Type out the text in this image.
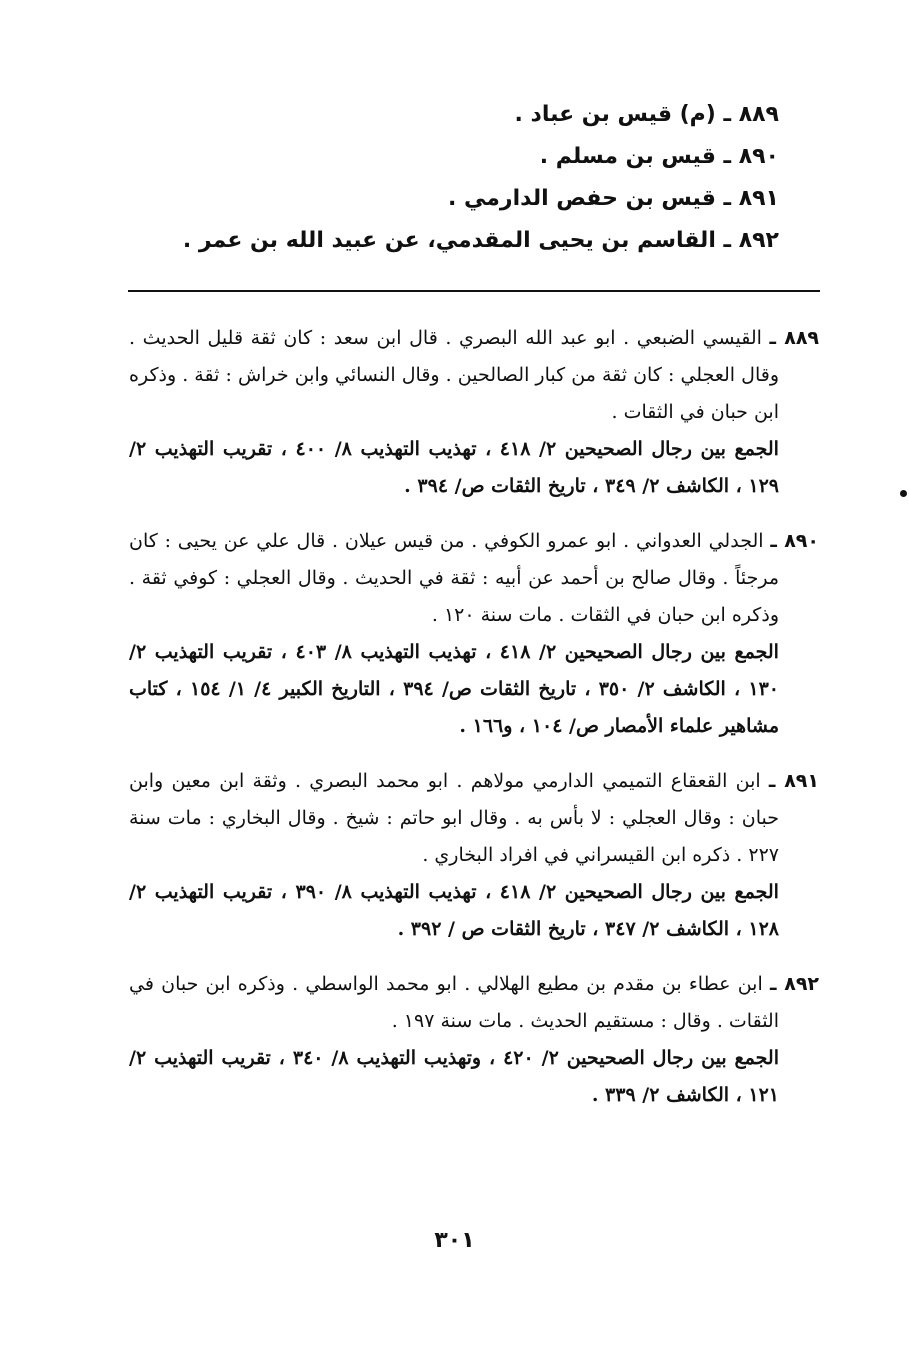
٨٨٩ ـ (م) قيس بن عباد .
٨٩٠ ـ قيس بن مسلم .
٨٩١ ـ قيس بن حفص الدارمي .
٨٩٢ ـ القاسم بن يحيى المقدمي، عن عبيد الله بن عمر .

٨٨٩ ـ القيسي الضبعي . ابو عبد الله البصري . قال ابن سعد : كان ثقة قليل الحديث . وقال العجلي : كان ثقة من كبار الصالحين . وقال النسائي وابن خراش : ثقة . وذكره ابن حبان في الثقات .

الجمع بين رجال الصحيحين ٢/ ٤١٨ ، تهذيب التهذيب ٨/ ٤٠٠ ، تقريب التهذيب ٢/ ١٢٩ ، الكاشف ٢/ ٣٤٩ ، تاريخ الثقات ص/ ٣٩٤ .

٨٩٠ ـ الجدلي العدواني . ابو عمرو الكوفي . من قيس عيلان . قال علي عن يحيى : كان مرجئاً . وقال صالح بن أحمد عن أبيه : ثقة في الحديث . وقال العجلي : كوفي ثقة . وذكره ابن حبان في الثقات . مات سنة ١٢٠ .

الجمع بين رجال الصحيحين ٢/ ٤١٨ ، تهذيب التهذيب ٨/ ٤٠٣ ، تقريب التهذيب ٢/ ١٣٠ ، الكاشف ٢/ ٣٥٠ ، تاريخ الثقات ص/ ٣٩٤ ، التاريخ الكبير ٤/ ١/ ١٥٤ ، كتاب مشاهير علماء الأمصار ص/ ١٠٤ ، و١٦٦ .

٨٩١ ـ ابن القعقاع التميمي الدارمي مولاهم . ابو محمد البصري . وثقة ابن معين وابن حبان : وقال العجلي : لا بأس به . وقال ابو حاتم : شيخ . وقال البخاري : مات سنة ٢٢٧ . ذكره ابن القيسراني في افراد البخاري .

الجمع بين رجال الصحيحين ٢/ ٤١٨ ، تهذيب التهذيب ٨/ ٣٩٠ ، تقريب التهذيب ٢/ ١٢٨ ، الكاشف ٢/ ٣٤٧ ، تاريخ الثقات ص / ٣٩٢ .

٨٩٢ ـ ابن عطاء بن مقدم بن مطيع الهلالي . ابو محمد الواسطي . وذكره ابن حبان في الثقات . وقال : مستقيم الحديث . مات سنة ١٩٧ .

الجمع بين رجال الصحيحين ٢/ ٤٢٠ ، وتهذيب التهذيب ٨/ ٣٤٠ ، تقريب التهذيب ٢/ ١٢١ ، الكاشف ٢/ ٣٣٩ .

٣٠١
